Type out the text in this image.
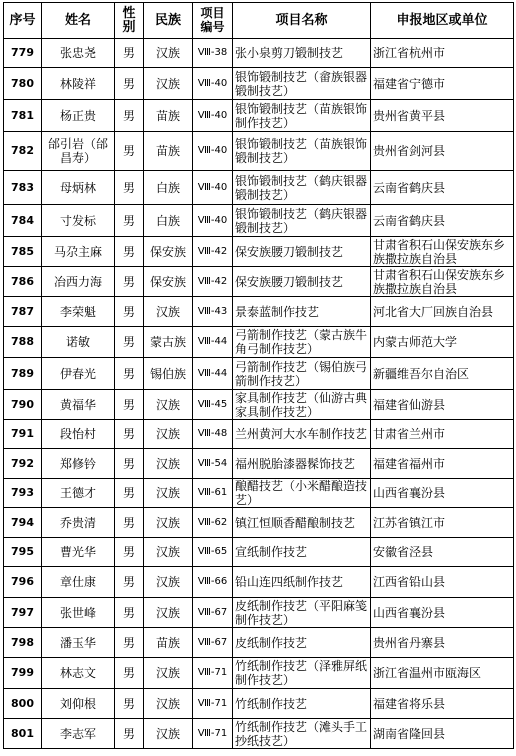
序号	姓名	性别	民族	项目编号	项目名称	申报地区或单位
779	张忠尧	男	汉族	Ⅷ-38	张小泉剪刀锻制技艺	浙江省杭州市
780	林陵祥	男	汉族	Ⅷ-40	银饰锻制技艺（畲族银器锻制技艺）	福建省宁德市
781	杨正贵	男	苗族	Ⅷ-40	银饰锻制技艺（苗族银饰制作技艺）	贵州省黄平县
782	邰引岩（邰昌寿）	男	苗族	Ⅷ-40	银饰锻制技艺（苗族银饰锻制技艺）	贵州省剑河县
783	母炳林	男	白族	Ⅷ-40	银饰锻制技艺（鹤庆银器锻制技艺）	云南省鹤庆县
784	寸发标	男	白族	Ⅷ-40	银饰锻制技艺（鹤庆银器锻制技艺）	云南省鹤庆县
785	马尕主麻	男	保安族	Ⅷ-42	保安族腰刀锻制技艺	甘肃省积石山保安族东乡族撒拉族自治县
786	冶西力海	男	保安族	Ⅷ-42	保安族腰刀锻制技艺	甘肃省积石山保安族东乡族撒拉族自治县
787	李荣魁	男	汉族	Ⅷ-43	景泰蓝制作技艺	河北省大厂回族自治县
788	诺敏	男	蒙古族	Ⅷ-44	弓箭制作技艺（蒙古族牛角弓制作技艺）	内蒙古师范大学
789	伊春光	男	锡伯族	Ⅷ-44	弓箭制作技艺（锡伯族弓箭制作技艺）	新疆维吾尔自治区
790	黄福华	男	汉族	Ⅷ-45	家具制作技艺（仙游古典家具制作技艺）	福建省仙游县
791	段怡村	男	汉族	Ⅷ-48	兰州黄河大水车制作技艺	甘肃省兰州市
792	郑修钤	男	汉族	Ⅷ-54	福州脱胎漆器髹饰技艺	福建省福州市
793	王德才	男	汉族	Ⅷ-61	酿醋技艺（小米醋酿造技艺）	山西省襄汾县
794	乔贵清	男	汉族	Ⅷ-62	镇江恒顺香醋酿制技艺	江苏省镇江市
795	曹光华	男	汉族	Ⅷ-65	宣纸制作技艺	安徽省泾县
796	章仕康	男	汉族	Ⅷ-66	铅山连四纸制作技艺	江西省铅山县
797	张世峰	男	汉族	Ⅷ-67	皮纸制作技艺（平阳麻笺制作技艺）	山西省襄汾县
798	潘玉华	男	苗族	Ⅷ-67	皮纸制作技艺	贵州省丹寨县
799	林志文	男	汉族	Ⅷ-71	竹纸制作技艺（泽雅屏纸制作技艺）	浙江省温州市瓯海区
800	刘仰根	男	汉族	Ⅷ-71	竹纸制作技艺	福建省将乐县
801	李志军	男	汉族	Ⅷ-71	竹纸制作技艺（滩头手工抄纸技艺）	湖南省隆回县
